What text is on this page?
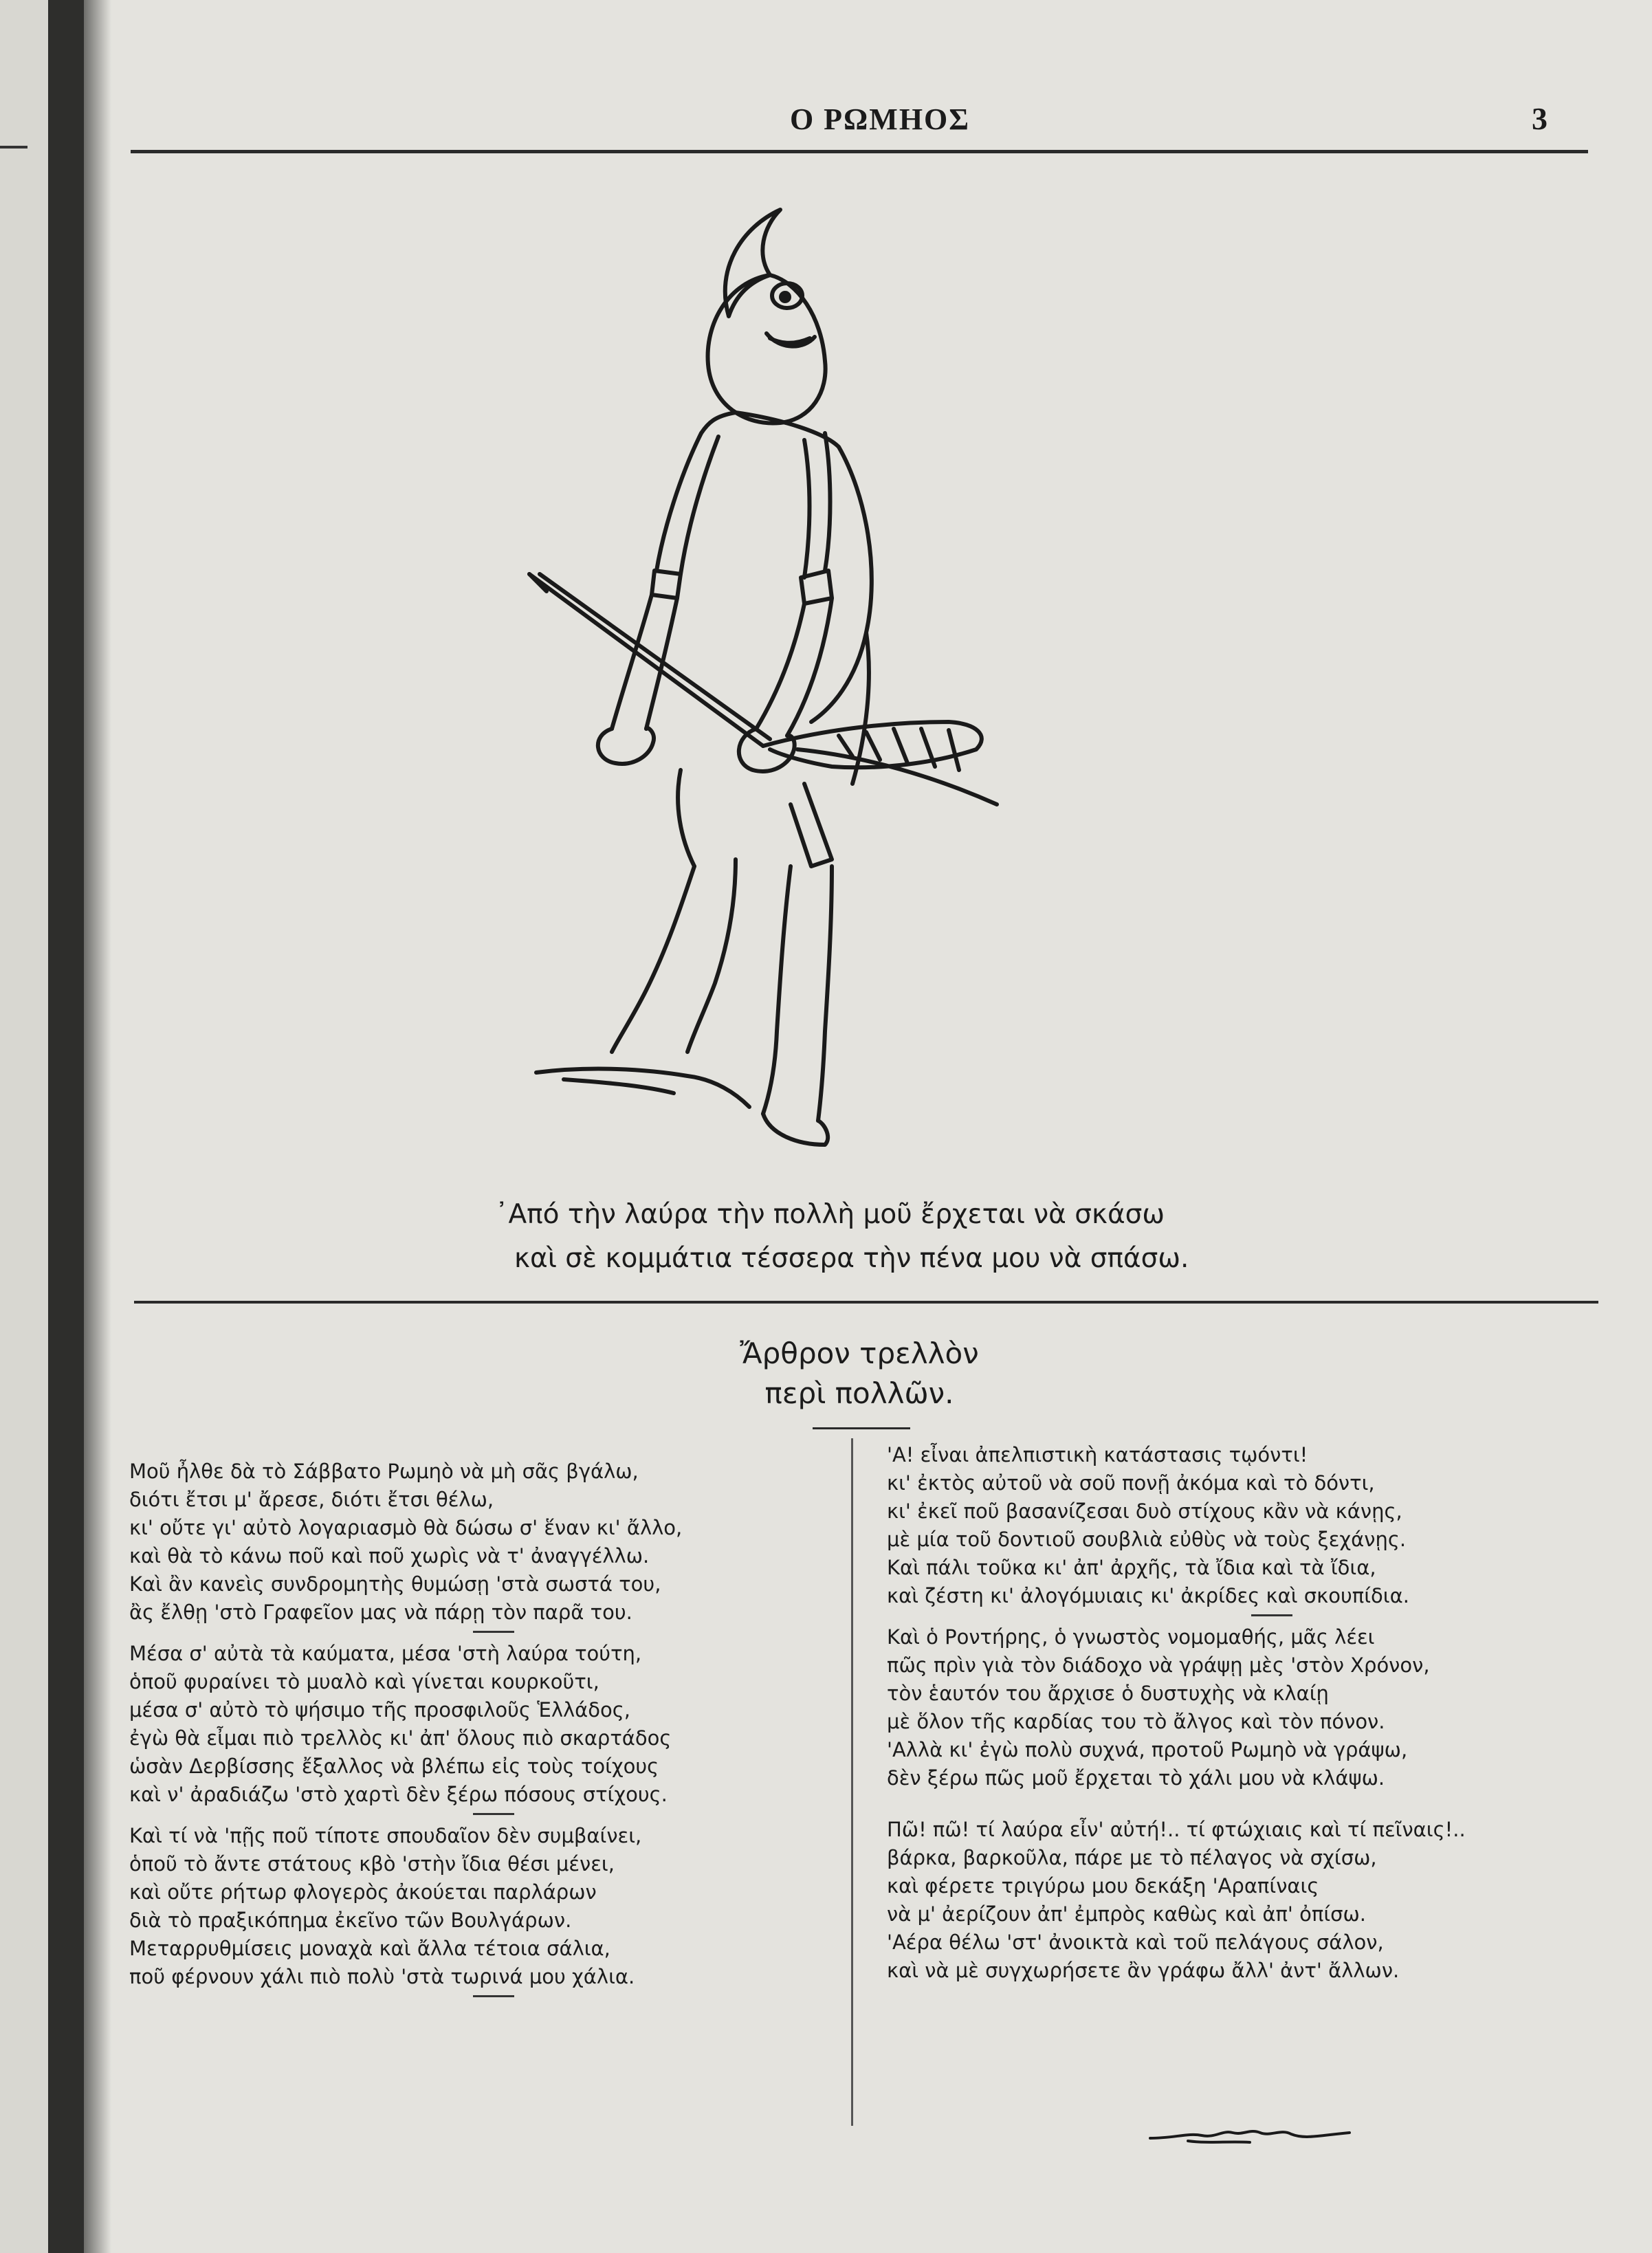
Ο ΡΩΜΗΟΣ	3
᾿Από τὴν λαύρα τὴν πολλὴ μοῦ ἔρχεται νὰ σκάσω
καὶ σὲ κομμάτια τέσσερα τὴν πένα μου νὰ σπάσω.
Ἄρθρον τρελλὸν
περὶ πολλῶν.
Μοῦ ἦλθε δὰ τὸ Σάββατο Ρωμηὸ νὰ μὴ σᾶς βγάλω,
διότι ἔτσι μ' ἄρεσε, διότι ἔτσι θέλω,
κι' οὔτε γι' αὐτὸ λογαριασμὸ θὰ δώσω σ' ἕναν κι' ἄλλο,
καὶ θὰ τὸ κάνω ποῦ καὶ ποῦ χωρὶς νὰ τ' ἀναγγέλλω.
Καὶ ἂν κανεὶς συνδρομητὴς θυμώσῃ 'στὰ σωστά του,
ἂς ἔλθῃ 'στὸ Γραφεῖον μας νὰ πάρῃ τὸν παρᾶ του.
Μέσα σ' αὐτὰ τὰ καύματα, μέσα 'στὴ λαύρα τούτη,
ὁποῦ φυραίνει τὸ μυαλὸ καὶ γίνεται κουρκοῦτι,
μέσα σ' αὐτὸ τὸ ψήσιμο τῆς προσφιλοῦς Ἑλλάδος,
ἐγὼ θὰ εἶμαι πιὸ τρελλὸς κι' ἀπ' ὅλους πιὸ σκαρτάδος
ὡσὰν Δερβίσσης ἔξαλλος νὰ βλέπω εἰς τοὺς τοίχους
καὶ ν' ἀραδιάζω 'στὸ χαρτὶ δὲν ξέρω πόσους στίχους.
Καὶ τί νὰ 'πῇς ποῦ τίποτε σπουδαῖον δὲν συμβαίνει,
ὁποῦ τὸ ἄντε στάτους κβὸ 'στὴν ἴδια θέσι μένει,
καὶ οὔτε ρήτωρ φλογερὸς ἀκούεται παρλάρων
διὰ τὸ πραξικόπημα ἐκεῖνο τῶν Βουλγάρων.
Μεταρρυθμίσεις μοναχὰ καὶ ἄλλα τέτοια σάλια,
ποῦ φέρνουν χάλι πιὸ πολὺ 'στὰ τωρινά μου χάλια.
'Α! εἶναι ἀπελπιστικὴ κατάστασις τῳόντι!
κι' ἐκτὸς αὐτοῦ νὰ σοῦ πονῇ ἀκόμα καὶ τὸ δόντι,
κι' ἐκεῖ ποῦ βασανίζεσαι δυὸ στίχους κἂν νὰ κάνῃς,
μὲ μία τοῦ δοντιοῦ σουβλιὰ εὐθὺς νὰ τοὺς ξεχάνῃς.
Καὶ πάλι τοῦκα κι' ἀπ' ἀρχῆς, τὰ ἴδια καὶ τὰ ἴδια,
καὶ ζέστη κι' ἀλογόμυιαις κι' ἀκρίδες καὶ σκουπίδια.
Καὶ ὁ Ροντήρης, ὁ γνωστὸς νομομαθής, μᾶς λέει
πῶς πρὶν γιὰ τὸν διάδοχο νὰ γράψῃ μὲς 'στὸν Χρόνον,
τὸν ἑαυτόν του ἄρχισε ὁ δυστυχὴς νὰ κλαίῃ
μὲ ὅλον τῆς καρδίας του τὸ ἄλγος καὶ τὸν πόνον.
'Αλλὰ κι' ἐγὼ πολὺ συχνά, προτοῦ Ρωμηὸ νὰ γράψω,
δὲν ξέρω πῶς μοῦ ἔρχεται τὸ χάλι μου νὰ κλάψω.
Πῶ! πῶ! τί λαύρα εἶν' αὐτή!.. τί φτώχιαις καὶ τί πεῖναις!..
βάρκα, βαρκοῦλα, πάρε με τὸ πέλαγος νὰ σχίσω,
καὶ φέρετε τριγύρω μου δεκάξη 'Αραπίναις
νὰ μ' ἀερίζουν ἀπ' ἐμπρὸς καθὼς καὶ ἀπ' ὀπίσω.
'Αέρα θέλω 'στ' ἀνοικτὰ καὶ τοῦ πελάγους σάλον,
καὶ νὰ μὲ συγχωρήσετε ἂν γράφω ἄλλ' ἀντ' ἄλλων.
